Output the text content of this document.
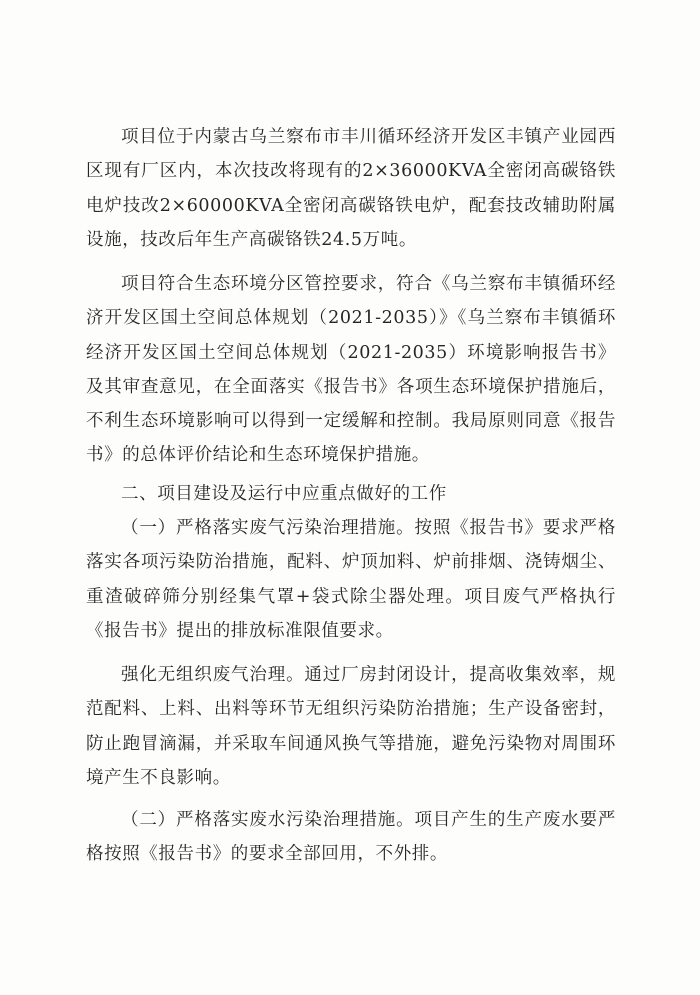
项目位于内蒙古乌兰察布市丰川循环经济开发区丰镇产业园西区现有厂区内，本次技改将现有的2×36000KVA全密闭高碳铬铁电炉技改2×60000KVA全密闭高碳铬铁电炉，配套技改辅助附属设施，技改后年生产高碳铬铁24.5万吨。

项目符合生态环境分区管控要求，符合《乌兰察布丰镇循环经济开发区国土空间总体规划（2021-2035）》《乌兰察布丰镇循环经济开发区国土空间总体规划（2021-2035）环境影响报告书》及其审查意见，在全面落实《报告书》各项生态环境保护措施后，不利生态环境影响可以得到一定缓解和控制。我局原则同意《报告书》的总体评价结论和生态环境保护措施。

二、项目建设及运行中应重点做好的工作

（一）严格落实废气污染治理措施。按照《报告书》要求严格落实各项污染防治措施，配料、炉顶加料、炉前排烟、浇铸烟尘、重渣破碎筛分别经集气罩+袋式除尘器处理。项目废气严格执行《报告书》提出的排放标准限值要求。

强化无组织废气治理。通过厂房封闭设计，提高收集效率，规范配料、上料、出料等环节无组织污染防治措施；生产设备密封，防止跑冒滴漏，并采取车间通风换气等措施，避免污染物对周围环境产生不良影响。

（二）严格落实废水污染治理措施。项目产生的生产废水要严格按照《报告书》的要求全部回用，不外排。
